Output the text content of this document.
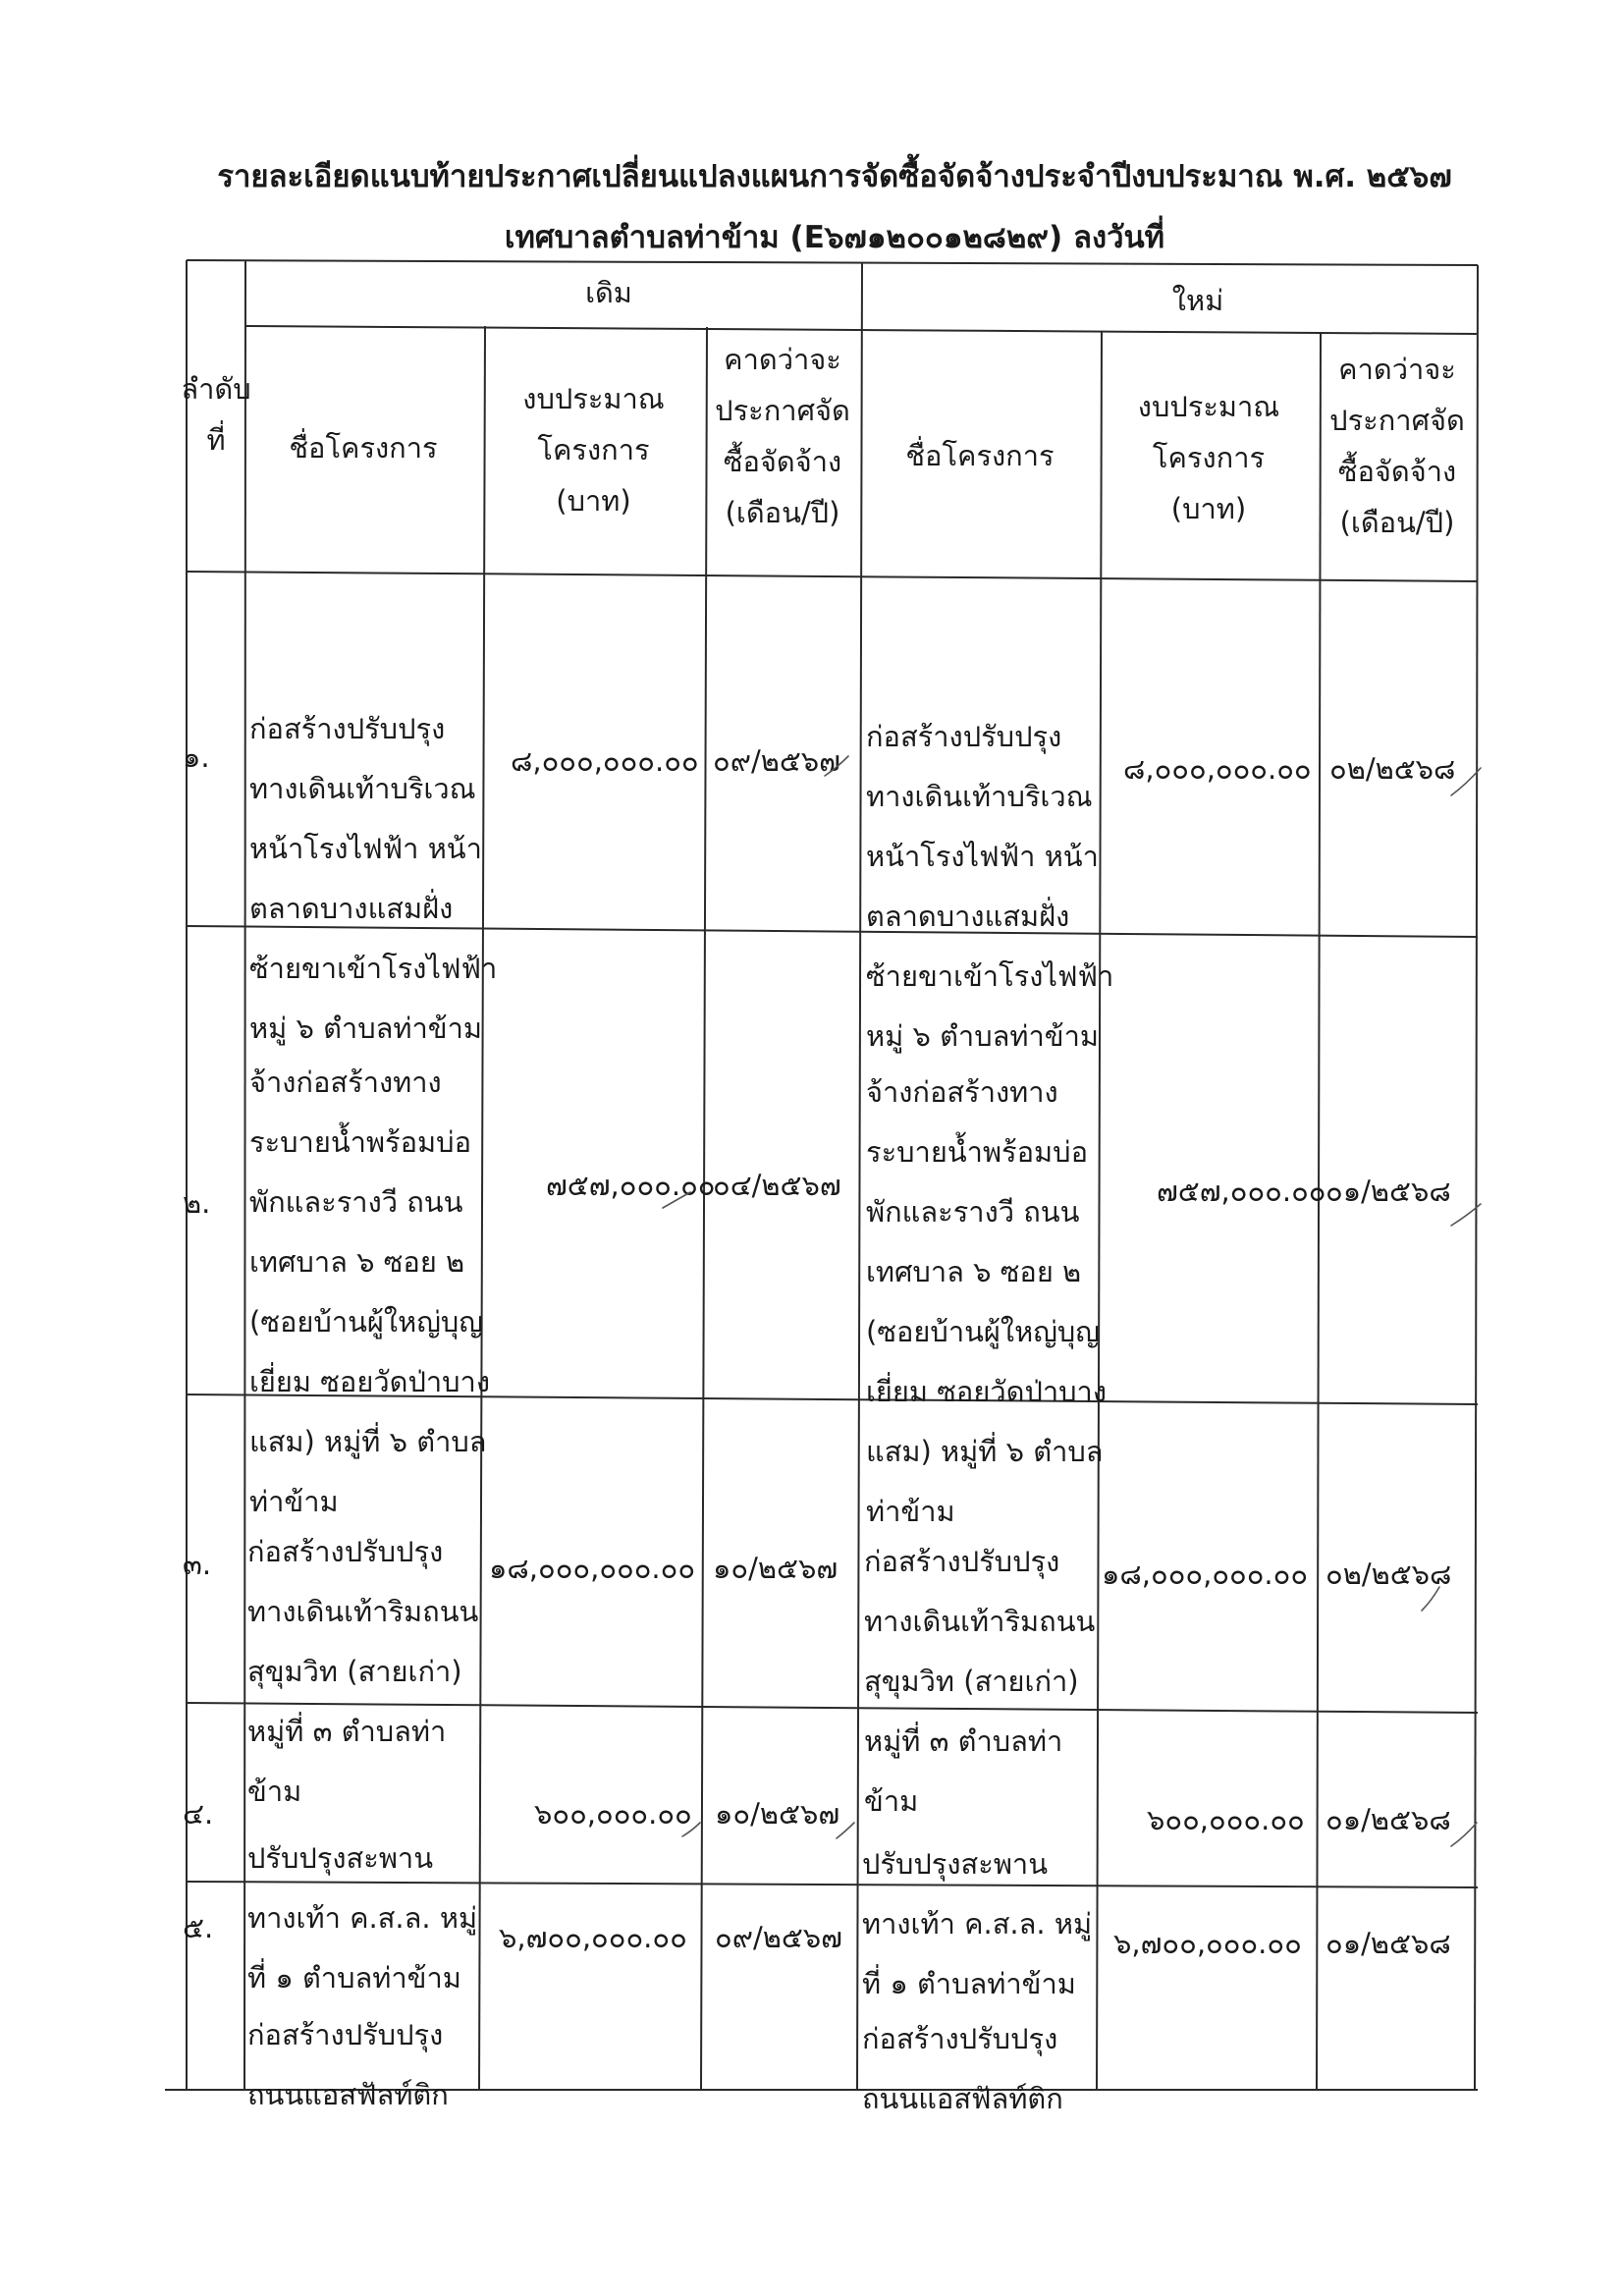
รายละเอียดแนบท้ายประกาศเปลี่ยนแปลงแผนการจัดซื้อจัดจ้างประจำปีงบประมาณ พ.ศ. ๒๕๖๗
เทศบาลตำบลท่าข้าม (E๖๗๑๒๐๐๑๒๘๒๙) ลงวันที่
เดิม	ใหม่
ลำดับ
ที่	ชื่อโครงการ
งบประมาณ
โครงการ
(บาท)
คาดว่าจะ
ประกาศจัด
ซื้อจัดจ้าง
(เดือน/ปี)
ชื่อโครงการ
งบประมาณ
โครงการ
(บาท)
คาดว่าจะ
ประกาศจัด
ซื้อจัดจ้าง
(เดือน/ปี)
๑.

ก่อสร้างปรับปรุง
ทางเดินเท้าบริเวณ
หน้าโรงไฟฟ้า หน้า
ตลาดบางแสมฝั่ง
ซ้ายขาเข้าโรงไฟฟ้า
หมู่ ๖ ตำบลท่าข้าม

๘,๐๐๐,๐๐๐.๐๐ ๐๙/๒๕๖๗

ก่อสร้างปรับปรุง
ทางเดินเท้าบริเวณ
หน้าโรงไฟฟ้า หน้า
ตลาดบางแสมฝั่ง
ซ้ายขาเข้าโรงไฟฟ้า
หมู่ ๖ ตำบลท่าข้าม

๘,๐๐๐,๐๐๐.๐๐ ๐๒/๒๕๖๘
๒.

จ้างก่อสร้างทาง
ระบายน้ำพร้อมบ่อ
พักและรางวี ถนน
เทศบาล ๖ ซอย ๒
(ซอยบ้านผู้ใหญ่บุญ
เยี่ยม ซอยวัดป่าบาง
แสม) หมู่ที่ ๖ ตำบล
ท่าข้าม

๗๕๗,๐๐๐.๐๐
๐๔/๒๕๖๗

จ้างก่อสร้างทาง
ระบายน้ำพร้อมบ่อ
พักและรางวี ถนน
เทศบาล ๖ ซอย ๒
(ซอยบ้านผู้ใหญ่บุญ
เยี่ยม ซอยวัดป่าบาง
แสม) หมู่ที่ ๖ ตำบล
ท่าข้าม

๗๕๗,๐๐๐.๐๐ ๐๑/๒๕๖๘
๓.

ก่อสร้างปรับปรุง
ทางเดินเท้าริมถนน
สุขุมวิท (สายเก่า)
หมู่ที่ ๓ ตำบลท่า
ข้าม

๑๘,๐๐๐,๐๐๐.๐๐ ๑๐/๒๕๖๗

ก่อสร้างปรับปรุง
ทางเดินเท้าริมถนน
สุขุมวิท (สายเก่า)
หมู่ที่ ๓ ตำบลท่า
ข้าม

๑๘,๐๐๐,๐๐๐.๐๐ ๐๒/๒๕๖๘
๔.

ปรับปรุงสะพาน
ทางเท้า ค.ส.ล. หมู่
ที่ ๑ ตำบลท่าข้าม

๖๐๐,๐๐๐.๐๐ ๑๐/๒๕๖๗

ปรับปรุงสะพาน
ทางเท้า ค.ส.ล. หมู่
ที่ ๑ ตำบลท่าข้าม

๖๐๐,๐๐๐.๐๐ ๐๑/๒๕๖๘
๕.

ก่อสร้างปรับปรุง
ถนนแอสฟัลท์ติก

๖,๗๐๐,๐๐๐.๐๐ ๐๙/๒๕๖๗

ก่อสร้างปรับปรุง
ถนนแอสฟัลท์ติก

๖,๗๐๐,๐๐๐.๐๐ ๐๑/๒๕๖๘
